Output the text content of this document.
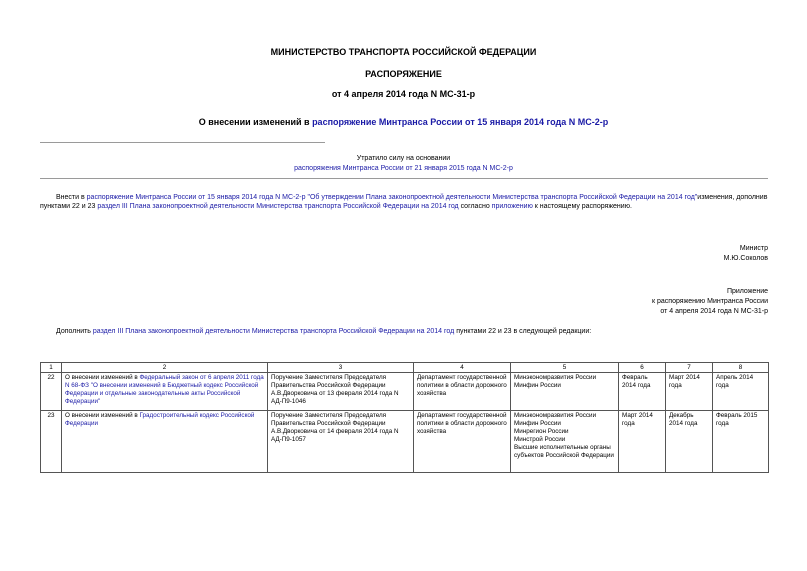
МИНИСТЕРСТВО ТРАНСПОРТА РОССИЙСКОЙ ФЕДЕРАЦИИ
РАСПОРЯЖЕНИЕ
от 4 апреля 2014 года N МС-31-р
О внесении изменений в распоряжение Минтранса России от 15 января 2014 года N МС-2-р
Утратило силу на основании
распоряжения Минтранса России от 21 января 2015 года N МС-2-р
Внести в распоряжение Минтранса России от 15 января 2014 года N МС-2-р "Об утверждении Плана законопроектной деятельности Министерства транспорта Российской Федерации на 2014 год"изменения, дополнив пунктами 22 и 23 раздел III Плана законопроектной деятельности Министерства транспорта Российской Федерации на 2014 год согласно приложению к настоящему распоряжению.
Министр
М.Ю.Соколов
Приложение
к распоряжению Минтранса России
от 4 апреля 2014 года N МС-31-р
Дополнить раздел III Плана законопроектной деятельности Министерства транспорта Российской Федерации на 2014 год пунктами 22 и 23 в следующей редакции:
1	2	3	4	5	6	7	8
22	О внесении изменений в Федеральный закон от 6 апреля 2011 года N 68-ФЗ "О внесении изменений в Бюджетный кодекс Российской Федерации и отдельные законодательные акты Российской Федерации"	Поручение Заместителя Председателя Правительства Российской Федерации А.В.Дворковича от 13 февраля 2014 года N АД-П9-1046	Департамент государственной политики в области дорожного хозяйства	Минэкономразвития России
Минфин России	Февраль 2014 года	Март 2014 года	Апрель 2014 года
23	О внесении изменений в Градостроительный кодекс Российской Федерации	Поручение Заместителя Председателя Правительства Российской Федерации А.В.Дворковича от 14 февраля 2014 года N АД-П9-1057	Департамент государственной политики в области дорожного хозяйства	Минэкономразвития России
Минфин России
Минрегион России
Минстрой России
Высшие исполнительные органы субъектов Российской Федерации	Март 2014 года	Декабрь 2014 года	Февраль 2015 года
